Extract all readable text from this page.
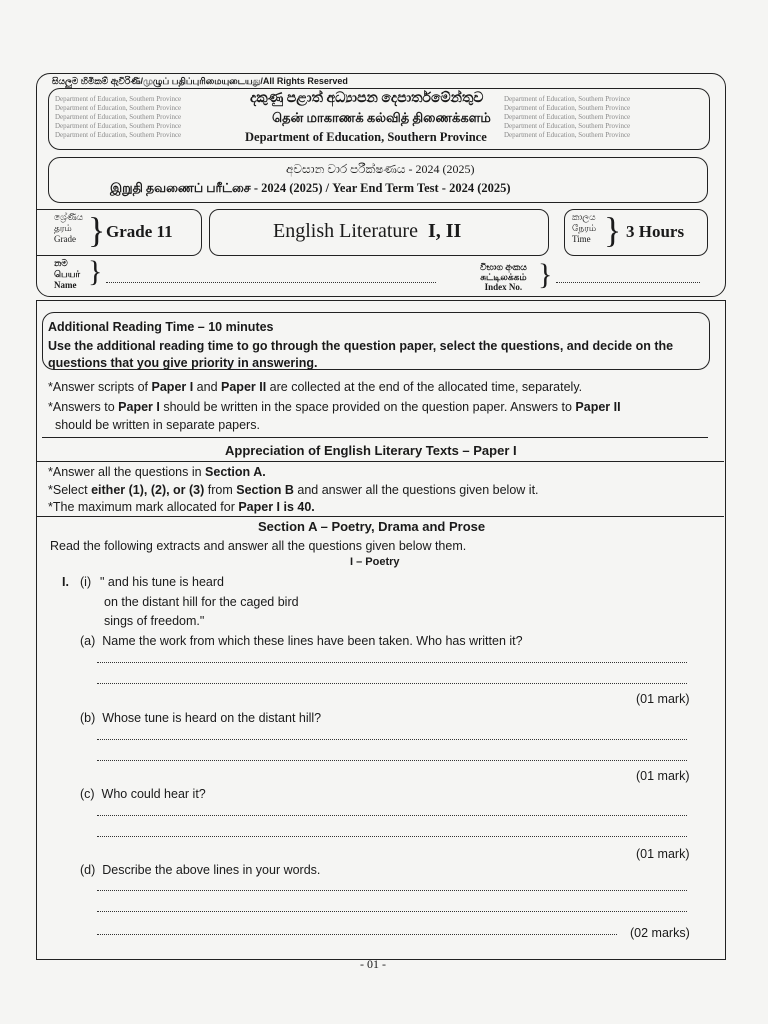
සියලුම හිමිකම් ඇවිරිණි/முழுப் பதிப்புரிமையுடையது/All Rights Reserved
Department of Education, Southern Province
Department of Education, Southern Province
Department of Education, Southern Province
Department of Education, Southern Province
Department of Education, Southern Province
Department of Education, Southern Province
Department of Education, Southern Province
Department of Education, Southern Province
Department of Education, Southern Province
Department of Education, Southern Province
දකුණු පළාත් අධ්‍යාපන දෙපාර්තමේන්තුව
தென் மாகாணக் கல்வித் திணைக்களம்
Department of Education, Southern Province
අවසාන වාර පරීක්ෂණය - 2024 (2025)
இறுதி தவணைப் பரீட்சை - 2024 (2025) / Year End Term Test - 2024 (2025)
ශ්‍රේණිය
தரம்
Grade } Grade 11	English Literature I, II
කාලය
நேரம்
Time } 3 Hours
නම
பெயர்
Name }	විභාග අංකය
சுட்டிலக்கம்
Index No. }
Additional Reading Time – 10 minutes
Use the additional reading time to go through the question paper, select the questions, and decide on the questions that you give priority in answering.
*Answer scripts of Paper I and Paper II are collected at the end of the allocated time, separately.
*Answers to Paper I should be written in the space provided on the question paper. Answers to Paper II
should be written in separate papers.
Appreciation of English Literary Texts – Paper I
*Answer all the questions in Section A.
*Select either (1), (2), or (3) from Section B and answer all the questions given below it.
*The maximum mark allocated for Paper I is 40.
Section A – Poetry, Drama and Prose
Read the following extracts and answer all the questions given below them.
I – Poetry
I. (i) " and his tune is heard
on the distant hill for the caged bird
sings of freedom."
(a) Name the work from which these lines have been taken. Who has written it?
(01 mark)
(b) Whose tune is heard on the distant hill?
(01 mark)
(c) Who could hear it?
(01 mark)
(d) Describe the above lines in your words.
(02 marks)
- 01 -
